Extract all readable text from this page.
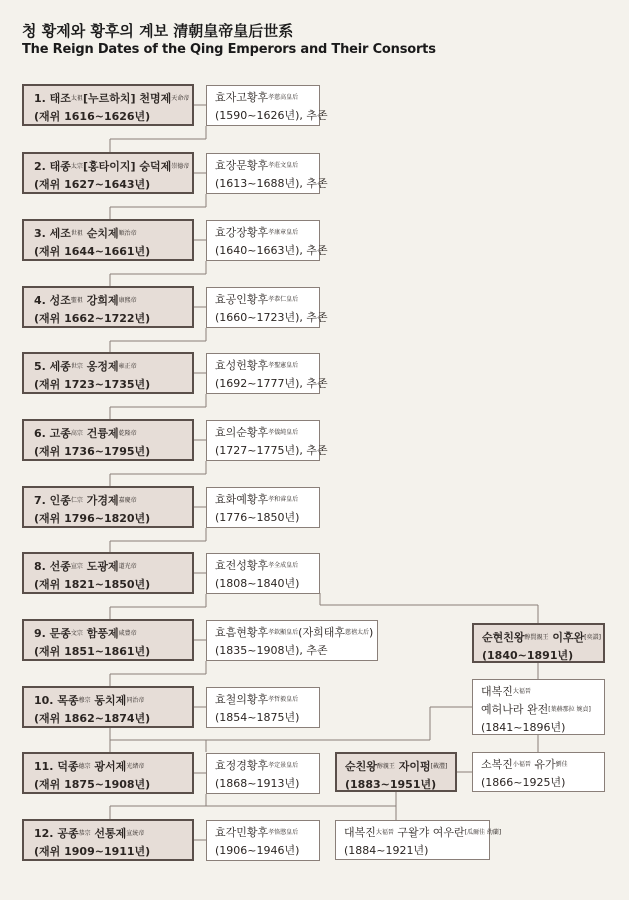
청 황제와 황후의 계보 清朝皇帝皇后世系
The Reign Dates of the Qing Emperors and Their Consorts
1. 태조$^{太祖}$[누르하치] 천명제$^{天命帝}$
(재위 1616~1626년)
효자고황후$^{孝慈高皇后}$
(1590~1626년), 추존
2. 태종$^{太宗}$[홍타이지] 숭덕제$^{崇德帝}$
(재위 1627~1643년)
효장문황후$^{孝莊文皇后}$
(1613~1688년), 추존
3. 세조$^{世祖}$ 순치제$^{順治帝}$
(재위 1644~1661년)
효강장황후$^{孝康章皇后}$
(1640~1663년), 추존
4. 성조$^{聖祖}$ 강희제$^{康熙帝}$
(재위 1662~1722년)
효공인황후$^{孝恭仁皇后}$
(1660~1723년), 추존
5. 세종$^{世宗}$ 옹정제$^{雍正帝}$
(재위 1723~1735년)
효성헌황후$^{孝聖憲皇后}$
(1692~1777년), 추존
6. 고종$^{高宗}$ 건륭제$^{乾隆帝}$
(재위 1736~1795년)
효의순황후$^{孝儀純皇后}$
(1727~1775년), 추존
7. 인종$^{仁宗}$ 가경제$^{嘉慶帝}$
(재위 1796~1820년)
효화예황후$^{孝和睿皇后}$
(1776~1850년)
8. 선종$^{宣宗}$ 도광제$^{道光帝}$
(재위 1821~1850년)
효전성황후$^{孝全成皇后}$
(1808~1840년)
9. 문종$^{文宗}$ 함풍제$^{咸豊帝}$
(재위 1851~1861년)
효흠현황후$^{孝欽顯皇后}$(자희태후$^{慈禧太后}$)
(1835~1908년), 추존
10. 목종$^{穆宗}$ 동치제$^{同治帝}$
(재위 1862~1874년)
효철의황후$^{孝哲毅皇后}$
(1854~1875년)
11. 덕종$^{德宗}$ 광서제$^{光緖帝}$
(재위 1875~1908년)
효정경황후$^{孝定景皇后}$
(1868~1913년)
12. 공종$^{恭宗}$ 선통제$^{宣統帝}$
(재위 1909~1911년)
효각민황후$^{孝恪愍皇后}$
(1906~1946년)
순현친왕$^{醇賢親王}$ 이후완[奕譞]
(1840~1891년)
대복진$^{大福晉}$
예허나라 완전[葉赫那拉 婉貞]
(1841~1896년)
소복진$^{小福晉}$ 유가$^{劉佳}$
(1866~1925년)
순친왕$^{醇親王}$ 자이펑[載灃]
(1883~1951년)
대복진$^{大福晉}$ 구왈갸 여우란[瓜爾佳 幼蘭]
(1884~1921년)
